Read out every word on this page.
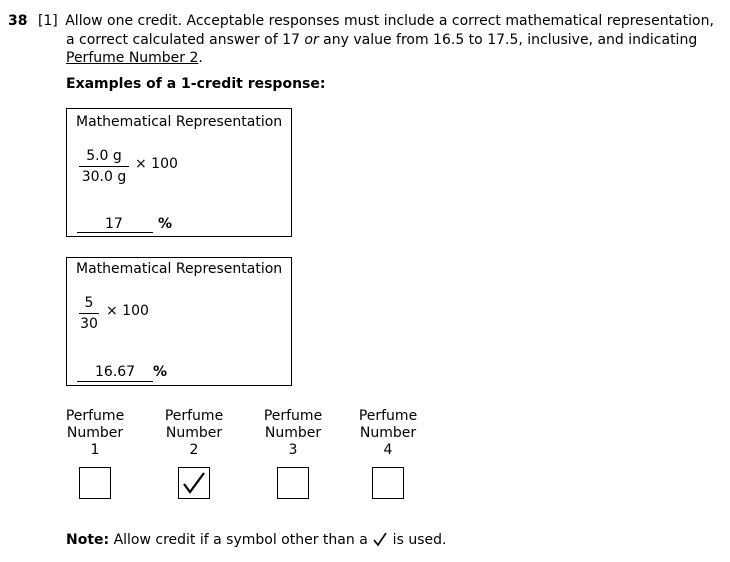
38 [1] Allow one credit. Acceptable responses must include a correct mathematical representation,
a correct calculated answer of 17 or any value from 16.5 to 17.5, inclusive, and indicating
Perfume Number 2.
Examples of a 1-credit response:
Mathematical Representation
$\frac{5.0 g}{30.0 g} \times 100$
17	%
Mathematical Representation
$\frac{5}{30} \times 100$
16.67 %
Perfume
Number
1
Perfume
Number
2
Perfume
Number
3
Perfume
Number
4
Note: Allow credit if a symbol other than a  is used.
